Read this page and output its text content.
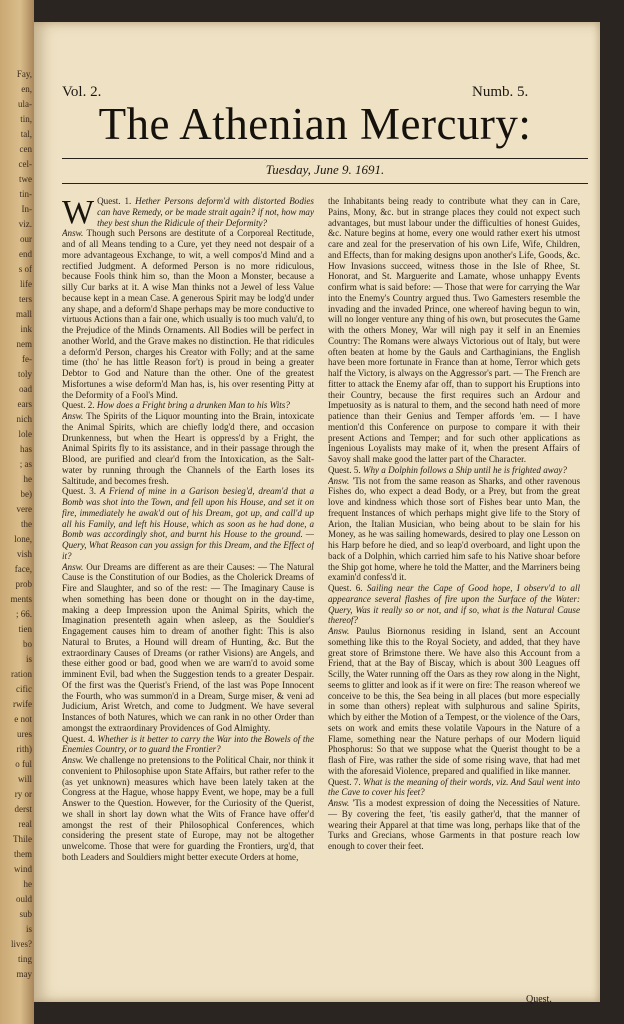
Fay,
en,
ula-
tin,
tal,
cen
cel-
twe
tin-
In-
viz.
our
end
s of
life
ters
mall
ink
nem
fe-
toly
oad
ears
nich
lole
has
; as
he
be)
vere
the
lone,
vish
face,
prob
ments
; 66.
tien
bo
is
ration
cific
rwife
e not
ures
rith)
o ful
will
ry or
derst
real
Thile
them
wind
he
ould
sub
is
lives?
ting
may
Vol. 2.	Numb. 5.
The Athenian Mercury:
Tuesday, June 9. 1691.

Quest. 1.
W	Hether Persons deform'd with distorted Bodies can have Remedy, or be made strait again? if not, how may they best shun the Ridicule of their Deformity?

Answ. Though such Persons are destitute of a Corporeal Rectitude, and of all Means tending to a Cure, yet they need not despair of a more advantageous Exchange, to wit, a well compos'd Mind and a rectified Judgment. A deformed Person is no more ridiculous, because Fools think him so, than the Moon a Monster, because a silly Cur barks at it. A wise Man thinks not a Jewel of less Value because kept in a mean Case. A generous Spirit may be lodg'd under any shape, and a deform'd Shape perhaps may be more conductive to virtuous Actions than a fair one, which usually is too much valu'd, to the Prejudice of the Minds Ornaments. All Bodies will be perfect in another World, and the Grave makes no distinction. He that ridicules a deform'd Person, charges his Creator with Folly; and at the same time (tho' he has little Reason for't) is proud in being a greater Debtor to God and Nature than the other. One of the greatest Misfortunes a wise deform'd Man has, is, his over resenting Pitty at the Deformity of a Fool's Mind.

Quest. 2. How does a Fright bring a drunken Man to his Wits?

Answ. The Spirits of the Liquor mounting into the Brain, intoxicate the Animal Spirits, which are chiefly lodg'd there, and occasion Drunkenness, but when the Heart is oppress'd by a Fright, the Animal Spirits fly to its assistance, and in their passage through the Blood, are purified and clear'd from the Intoxication, as the Salt-water by running through the Channels of the Earth loses its Saltitude, and becomes fresh.

Quest. 3. A Friend of mine in a Garison besieg'd, dream'd that a Bomb was shot into the Town, and fell upon his House, and set it on fire, immediately he awak'd out of his Dream, got up, and call'd up all his Family, and left his House, which as soon as he had done, a Bomb was accordingly shot, and burnt his House to the ground. — Query, What Reason can you assign for this Dream, and the Effect of it?

Answ. Our Dreams are different as are their Causes: — The Natural Cause is the Constitution of our Bodies, as the Cholerick Dreams of Fire and Slaughter, and so of the rest: — The Imaginary Cause is when something has been done or thought on in the day-time, making a deep Impression upon the Animal Spirits, which the Imagination presenteth again when asleep, as the Souldier's Engagement causes him to dream of another fight: This is also Natural to Brutes, a Hound will dream of Hunting, &c. But the extraordinary Causes of Dreams (or rather Visions) are Angels, and these either good or bad, good when we are warn'd to avoid some imminent Evil, bad when the Suggestion tends to a greater Despair. Of the first was the Querist's Friend, of the last was Pope Innocent the Fourth, who was summon'd in a Dream, Surge miser, & veni ad Judicium, Arist Wretch, and come to Judgment. We have several Instances of both Natures, which we can rank in no other Order than amongst the extraordinary Providences of God Almighty.

Quest. 4. Whether is it better to carry the War into the Bowels of the Enemies Country, or to guard the Frontier?

Answ. We challenge no pretensions to the Political Chair, nor think it convenient to Philosophise upon State Affairs, but rather refer to the (as yet unknown) measures which have been lately taken at the Congress at the Hague, whose happy Event, we hope, may be a full Answer to the Question. However, for the Curiosity of the Querist, we shall in short lay down what the Wits of France have offer'd amongst the rest of their Philosophical Conferences, which considering the present state of Europe, may not be altogether unwelcome. Those that were for guarding the Frontiers, urg'd, that both Leaders and Souldiers might better execute Orders at home,

the Inhabitants being ready to contribute what they can in Care, Pains, Mony, &c. but in strange places they could not expect such advantages, but must labour under the difficulties of honest Guides, &c. Nature begins at home, every one would rather exert his utmost care and zeal for the preservation of his own Life, Wife, Children, and Effects, than for making designs upon another's Life, Goods, &c. How Invasions succeed, witness those in the Isle of Rhee, St. Honorat, and St. Marguerite and Lamate, whose unhappy Events confirm what is said before: — Those that were for carrying the War into the Enemy's Country argued thus. Two Gamesters resemble the invading and the invaded Prince, one whereof having begun to win, will no longer venture any thing of his own, but prosecutes the Game with the others Money, War will nigh pay it self in an Enemies Country: The Romans were always Victorious out of Italy, but were often beaten at home by the Gauls and Carthaginians, the English have been more fortunate in France than at home, Terror which gets half the Victory, is always on the Aggressor's part. — The French are fitter to attack the Enemy afar off, than to support his Eruptions into their Country, because the first requires such an Ardour and Impetuosity as is natural to them, and the second hath need of more patience than their Genius and Temper affords 'em. — I have mention'd this Conference on purpose to compare it with their present Actions and Temper; and for such other applications as Ingenious Loyalists may make of it, when the present Affairs of Savoy shall make good the latter part of the Character.

Quest. 5. Why a Dolphin follows a Ship until he is frighted away?

Answ. 'Tis not from the same reason as Sharks, and other ravenous Fishes do, who expect a dead Body, or a Prey, but from the great love and kindness which those sort of Fishes bear unto Man, the frequent Instances of which perhaps might give life to the Story of Arion, the Italian Musician, who being about to be slain for his Money, as he was sailing homewards, desired to play one Lesson on his Harp before he died, and so leap'd overboard, and light upon the back of a Dolphin, which carried him safe to his Native shoar before the Ship got home, where he told the Matter, and the Marriners being examin'd confess'd it.

Quest. 6. Sailing near the Cape of Good hope, I observ'd to all appearance several flashes of fire upon the Surface of the Water: Query, Was it really so or not, and if so, what is the Natural Cause thereof?

Answ. Paulus Biornonus residing in Island, sent an Account something like this to the Royal Society, and added, that they have great store of Brimstone there. We have also this Account from a Friend, that at the Bay of Biscay, which is about 300 Leagues off Scilly, the Water running off the Oars as they row along in the Night, seems to glitter and look as if it were on fire: The reason whereof we conceive to be this, the Sea being in all places (but more especially in some than others) repleat with sulphurous and saline Spirits, which by either the Motion of a Tempest, or the violence of the Oars, sets on work and emits these volatile Vapours in the Nature of a Flame, something near the Nature perhaps of our Modern liquid Phosphorus: So that we suppose what the Querist thought to be a flash of Fire, was rather the side of some rising wave, that had met with the aforesaid Violence, prepared and qualified in like manner.

Quest. 7. What is the meaning of their words, viz. And Saul went into the Cave to cover his feet?

Answ. 'Tis a modest expression of doing the Necessities of Nature. — By covering the feet, 'tis easily gather'd, that the manner of wearing their Apparel at that time was long, perhaps like that of the Turks and Grecians, whose Garments in that posture reach low enough to cover their feet.

Quest.
